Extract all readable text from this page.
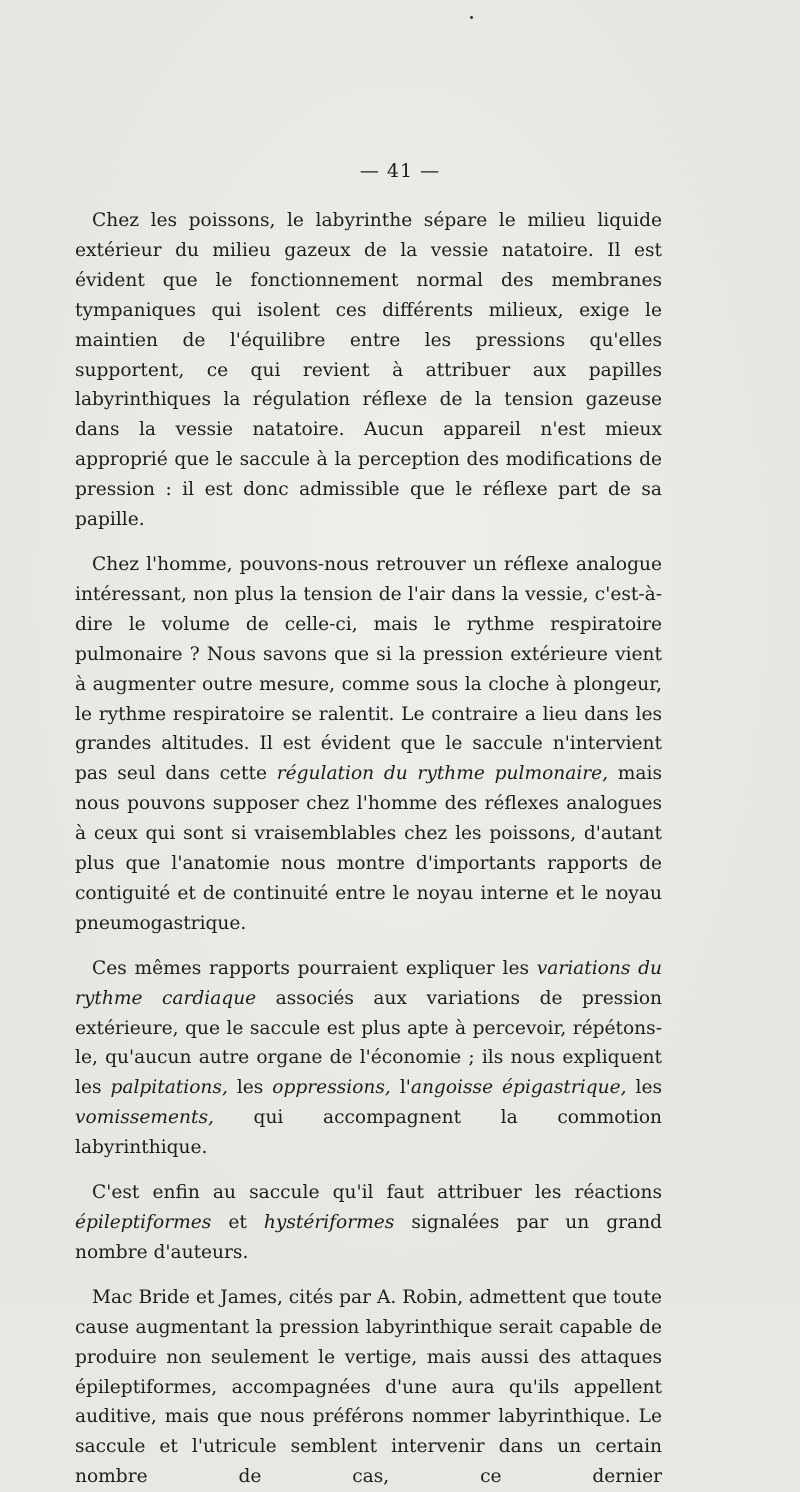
— 41 —

Chez les poissons, le labyrinthe sépare le milieu liquide extérieur du milieu gazeux de la vessie natatoire. Il est évident que le fonctionnement normal des membranes tympaniques qui isolent ces différents milieux, exige le maintien de l'équilibre entre les pressions qu'elles supportent, ce qui revient à attribuer aux papilles labyrinthiques la régulation réflexe de la tension gazeuse dans la vessie natatoire. Aucun appareil n'est mieux approprié que le saccule à la perception des modifications de pression : il est donc admissible que le réflexe part de sa papille.

Chez l'homme, pouvons-nous retrouver un réflexe analogue intéressant, non plus la tension de l'air dans la vessie, c'est-à-dire le volume de celle-ci, mais le rythme respiratoire pulmonaire ? Nous savons que si la pression extérieure vient à augmenter outre mesure, comme sous la cloche à plongeur, le rythme respiratoire se ralentit. Le contraire a lieu dans les grandes altitudes. Il est évident que le saccule n'intervient pas seul dans cette régulation du rythme pulmonaire, mais nous pouvons supposer chez l'homme des réflexes analogues à ceux qui sont si vraisemblables chez les poissons, d'autant plus que l'anatomie nous montre d'importants rapports de contiguité et de continuité entre le noyau interne et le noyau pneumogastrique.

Ces mêmes rapports pourraient expliquer les variations du rythme cardiaque associés aux variations de pression extérieure, que le saccule est plus apte à percevoir, répétons-le, qu'aucun autre organe de l'économie ; ils nous expliquent les palpitations, les oppressions, l'angoisse épigastrique, les vomissements, qui accompagnent la commotion labyrinthique.

C'est enfin au saccule qu'il faut attribuer les réactions épileptiformes et hystériformes signalées par un grand nombre d'auteurs.

Mac Bride et James, cités par A. Robin, admettent que toute cause augmentant la pression labyrinthique serait capable de produire non seulement le vertige, mais aussi des attaques épileptiformes, accompagnées d'une aura qu'ils appellent auditive, mais que nous préférons nommer labyrinthique. Le saccule et l'utricule semblent intervenir dans un certain nombre de cas, ce dernier
